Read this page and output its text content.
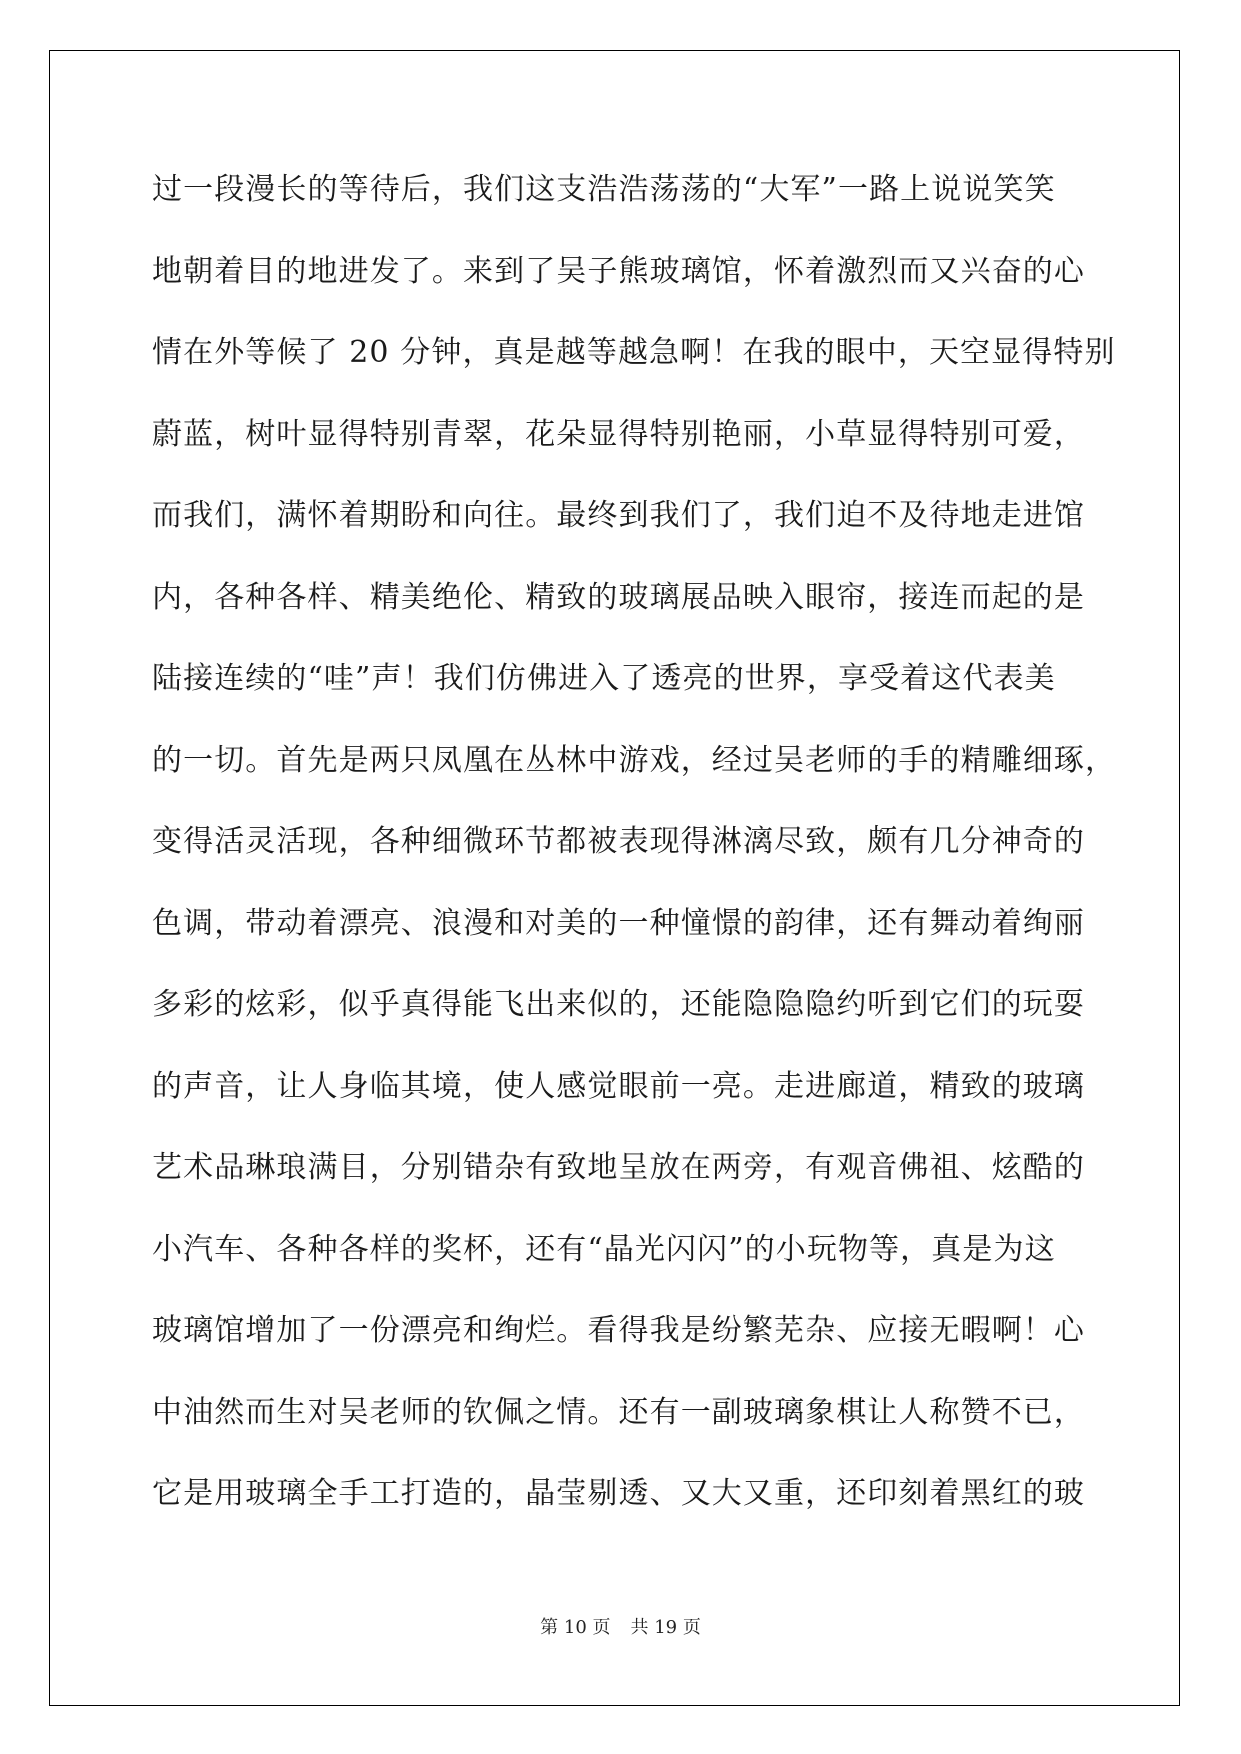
过一段漫长的等待后，我们这支浩浩荡荡的“大军”一路上说说笑笑
地朝着目的地进发了。来到了吴子熊玻璃馆，怀着激烈而又兴奋的心
情在外等候了 20 分钟，真是越等越急啊！在我的眼中，天空显得特别
蔚蓝，树叶显得特别青翠，花朵显得特别艳丽，小草显得特别可爱，
而我们，满怀着期盼和向往。最终到我们了，我们迫不及待地走进馆
内，各种各样、精美绝伦、精致的玻璃展品映入眼帘，接连而起的是
陆接连续的“哇”声！我们仿佛进入了透亮的世界，享受着这代表美
的一切。首先是两只凤凰在丛林中游戏，经过吴老师的手的精雕细琢，
变得活灵活现，各种细微环节都被表现得淋漓尽致，颇有几分神奇的
色调，带动着漂亮、浪漫和对美的一种憧憬的韵律，还有舞动着绚丽
多彩的炫彩，似乎真得能飞出来似的，还能隐隐隐约听到它们的玩耍
的声音，让人身临其境，使人感觉眼前一亮。走进廊道，精致的玻璃
艺术品琳琅满目，分别错杂有致地呈放在两旁，有观音佛祖、炫酷的
小汽车、各种各样的奖杯，还有“晶光闪闪”的小玩物等，真是为这
玻璃馆增加了一份漂亮和绚烂。看得我是纷繁芜杂、应接无暇啊！心
中油然而生对吴老师的钦佩之情。还有一副玻璃象棋让人称赞不已，
它是用玻璃全手工打造的，晶莹剔透、又大又重，还印刻着黑红的玻
第 10 页 共 19 页
